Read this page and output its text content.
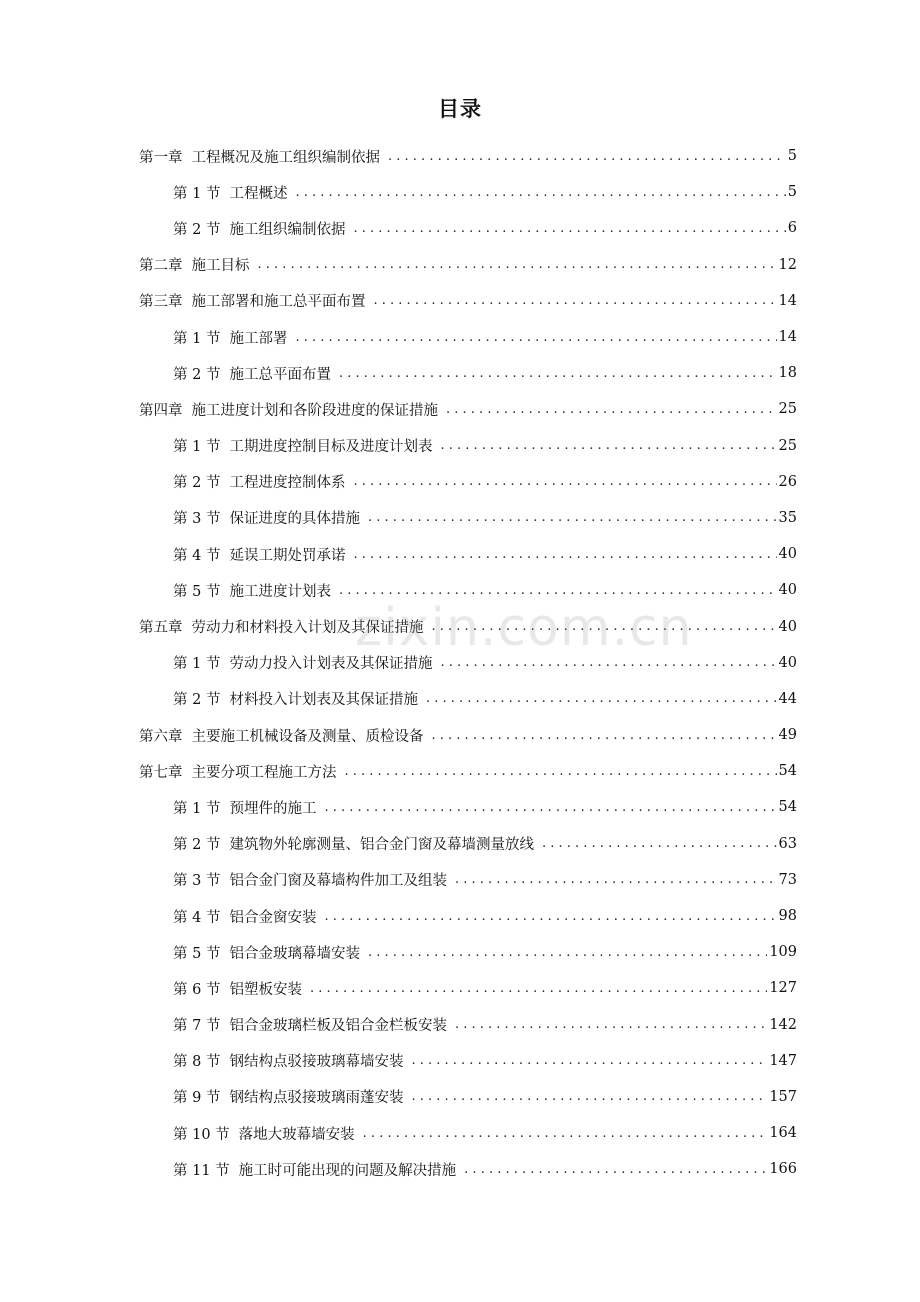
目录
第一章 工程概况及施工组织编制依据 . . .	5
第 1 节 工程概述 . . .	5
第 2 节 施工组织编制依据 . . .	6
第二章 施工目标 . . .	12
第三章 施工部署和施工总平面布置 . . .	14
第 1 节 施工部署 . . .	14
第 2 节 施工总平面布置 . . .	18
第四章 施工进度计划和各阶段进度的保证措施 . . .	25
第 1 节 工期进度控制目标及进度计划表 . . .	25
第 2 节 工程进度控制体系 . . .	26
第 3 节 保证进度的具体措施 . . .	35
第 4 节 延误工期处罚承诺 . . .	40
第 5 节 施工进度计划表 . . .	40
第五章 劳动力和材料投入计划及其保证措施 . . .	40
第 1 节 劳动力投入计划表及其保证措施 . . .	40
第 2 节 材料投入计划表及其保证措施 . . .	44
第六章 主要施工机械设备及测量、质检设备 . . .	49
第七章 主要分项工程施工方法 . . .	54
第 1 节 预埋件的施工 . . .	54
第 2 节 建筑物外轮廓测量、铝合金门窗及幕墙测量放线 . . .	63
第 3 节 铝合金门窗及幕墙构件加工及组装 . . .	73
第 4 节 铝合金窗安装 . . .	98
第 5 节 铝合金玻璃幕墙安装 . . .	109
第 6 节 铝塑板安装 . . .	127
第 7 节 铝合金玻璃栏板及铝合金栏板安装 . . .	142
第 8 节 钢结构点驳接玻璃幕墙安装 . . .	147
第 9 节 钢结构点驳接玻璃雨蓬安装 . . .	157
第 10 节 落地大玻幕墙安装 . . .	164
第 11 节 施工时可能出现的问题及解决措施 . . .	166
zixin.com.cn
